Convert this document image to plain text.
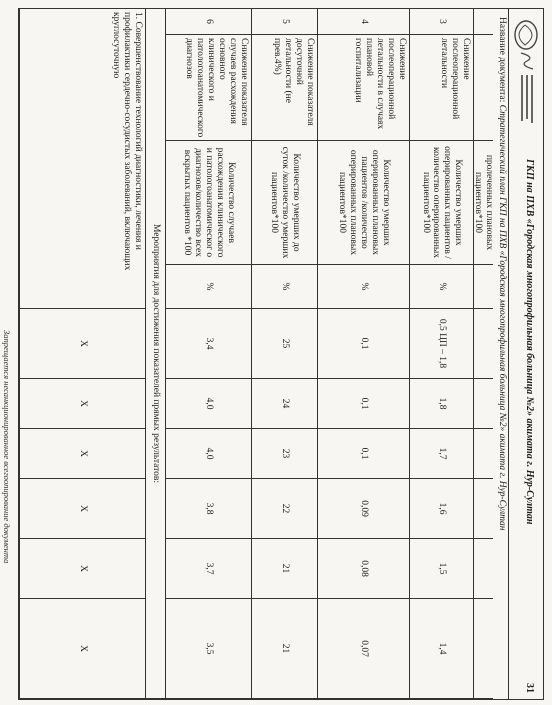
ГКП на ПХВ «Городская многопрофильная больница №2» акимата г. Нур-Султан
31
Название документа: Стратегический план ГКП на ПХВ «Городская многопрофильная больница №2» акимата г. Нур-Султан
пролеченных плановых пациентов*100
3
Снижение послеоперационной летальности
Количество умерших оперированных пациентов /количество оперированных пациентов*100
%
0,5 ЦП – 1,8
1,8
1,7
1,6
1,5
1,4
4
Снижение послеоперационной летальности в случаях плановой госпитализации
Количество умерших оперированных плановых пациентов /количество оперированных плановых пациентов*100
%
0,1
0,1
0,1
0,09
0,08
0,07
5
Снижение показателя досуточной летальности (не прев.4%)
Количество умерших до суток /количество умерших пациентов*100
%
25
24
23
22
21
21
6
Снижение показателя случаев расхождения основного клинического и патологоанатомического диагнозов
Количество случаев расхождения клинического и патологоанатомическог о диагнозов/количество всех вскрытых пациентов *100
%
3,4
4,0
4,0
3,8
3,7
3,5
Мероприятия для достижения показателей прямых результатов:
1. Совершенствование технологий диагностики, лечения и профилактики сердечно-сосудистых заболеваний, включающих круглосуточную
X
X
X
X
X
X
Запрещается несанкционированное всегоопирование документа
